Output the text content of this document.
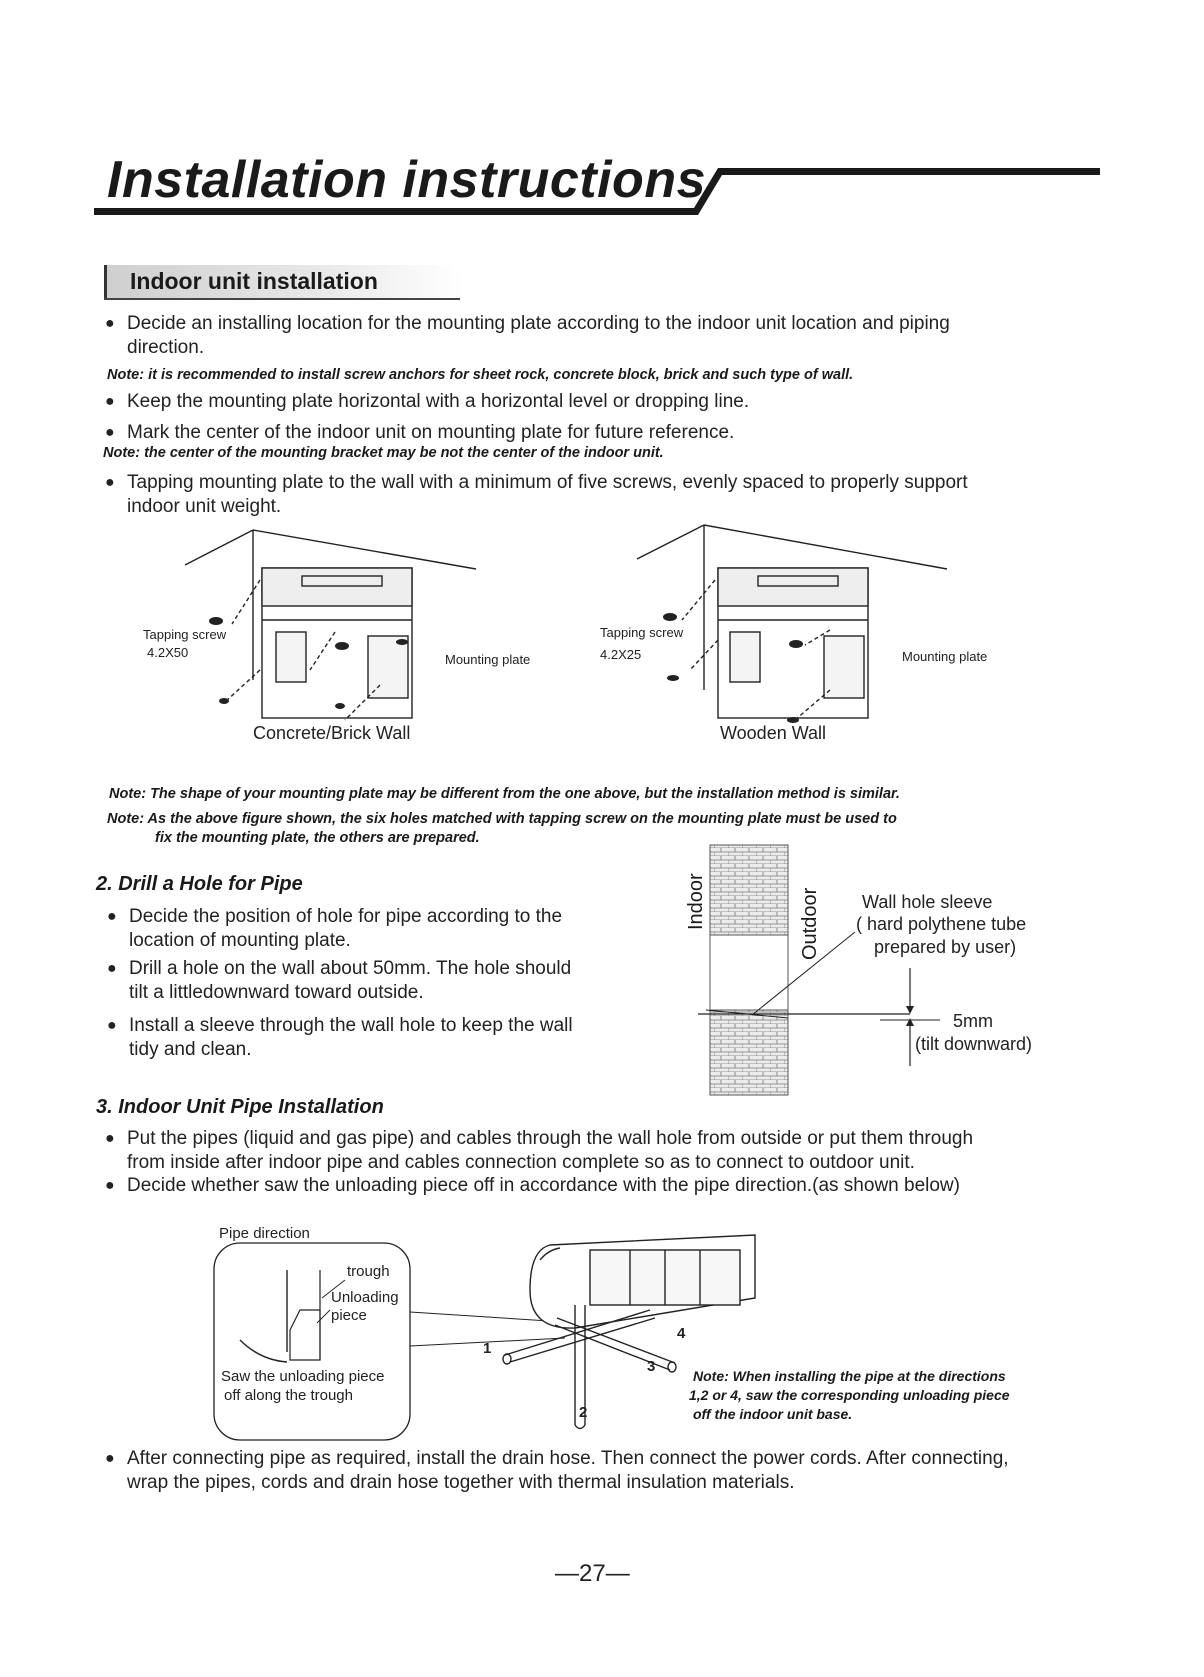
Installation instructions
Indoor unit installation
● Decide an installing location for the mounting plate according to the indoor unit location and piping
direction.
Note: it is recommended to install screw anchors for sheet rock, concrete block, brick and such type of wall.
● Keep the mounting plate horizontal with a horizontal level or dropping line.
● Mark the center of the indoor unit on mounting plate for future reference.
Note: the center of the mounting bracket may be not the center of the indoor unit.
● Tapping mounting plate to the wall with a minimum of five screws, evenly spaced to properly support
indoor unit weight.
Tapping screw
4.2X50	Mounting plate
Concrete/Brick Wall
Tapping screw
4.2X25	Mounting plate
Wooden Wall
Note: The shape of your mounting plate may be different from the one above, but the installation method is similar.
Note: As the above figure shown, the six holes matched with tapping screw on the mounting plate must be used to
fix the mounting plate, the others are prepared.
2. Drill a Hole for Pipe
● Decide the position of hole for pipe according to the
location of mounting plate.
● Drill a hole on the wall about 50mm. The hole should
tilt a littledownward toward outside.
● Install a sleeve through the wall hole to keep the wall
tidy and clean.
Indoor	Outdoor Wall hole sleeve
( hard polythene tube
prepared by user)
5mm
(tilt downward)
3. Indoor Unit Pipe Installation
● Put the pipes (liquid and gas pipe) and cables through the wall hole from outside or put them through
from inside after indoor pipe and cables connection complete so as to connect to outdoor unit.
● Decide whether saw the unloading piece off in accordance with the pipe direction.(as shown below)
Pipe direction
trough
Unloading
piece
Saw the unloading piece
off along the trough
1
2
3
4
Note: When installing the pipe at the directions
1,2 or 4, saw the corresponding unloading piece
off the indoor unit base.
● After connecting pipe as required, install the drain hose. Then connect the power cords. After connecting,
wrap the pipes, cords and drain hose together with thermal insulation materials.
—27—
